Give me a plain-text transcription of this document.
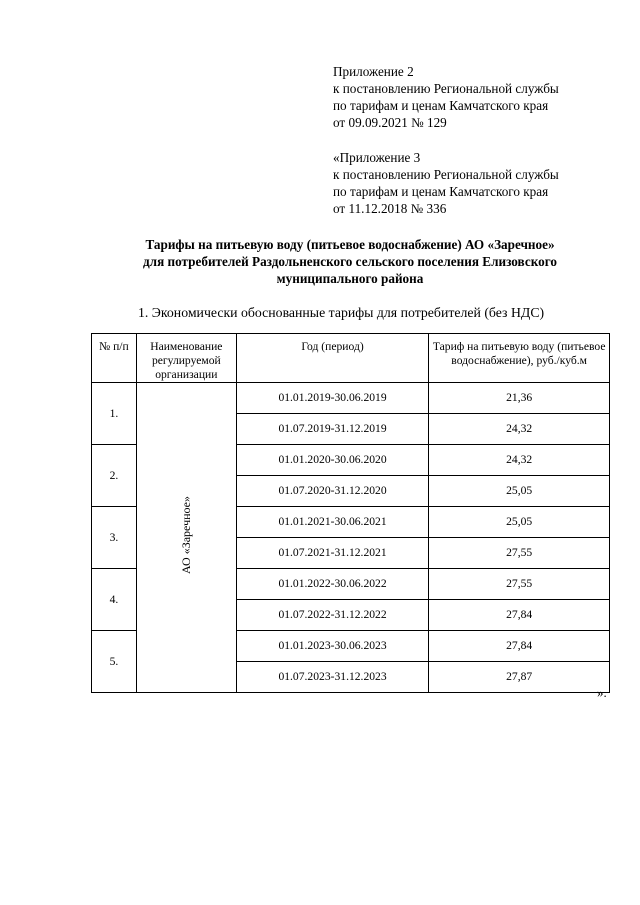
Приложение 2
к постановлению Региональной службы
по тарифам и ценам Камчатского края
от 09.09.2021 № 129
«Приложение 3
к постановлению Региональной службы
по тарифам и ценам Камчатского края
от 11.12.2018 № 336
Тарифы на питьевую воду (питьевое водоснабжение) АО «Заречное»
для потребителей Раздольненского сельского поселения Елизовского
муниципального района
1. Экономически обоснованные тарифы для потребителей (без НДС)
№ п/п	Наименование регулируемой организации	Год (период)	Тариф на питьевую воду (питьевое водоснабжение), руб./куб.м
1.	АО «Заречное»	01.01.2019-30.06.2019	21,36
		01.07.2019-31.12.2019	24,32
2.		01.01.2020-30.06.2020	24,32
		01.07.2020-31.12.2020	25,05
3.		01.01.2021-30.06.2021	25,05
		01.07.2021-31.12.2021	27,55
4.		01.01.2022-30.06.2022	27,55
		01.07.2022-31.12.2022	27,84
5.		01.01.2023-30.06.2023	27,84
		01.07.2023-31.12.2023	27,87
».
